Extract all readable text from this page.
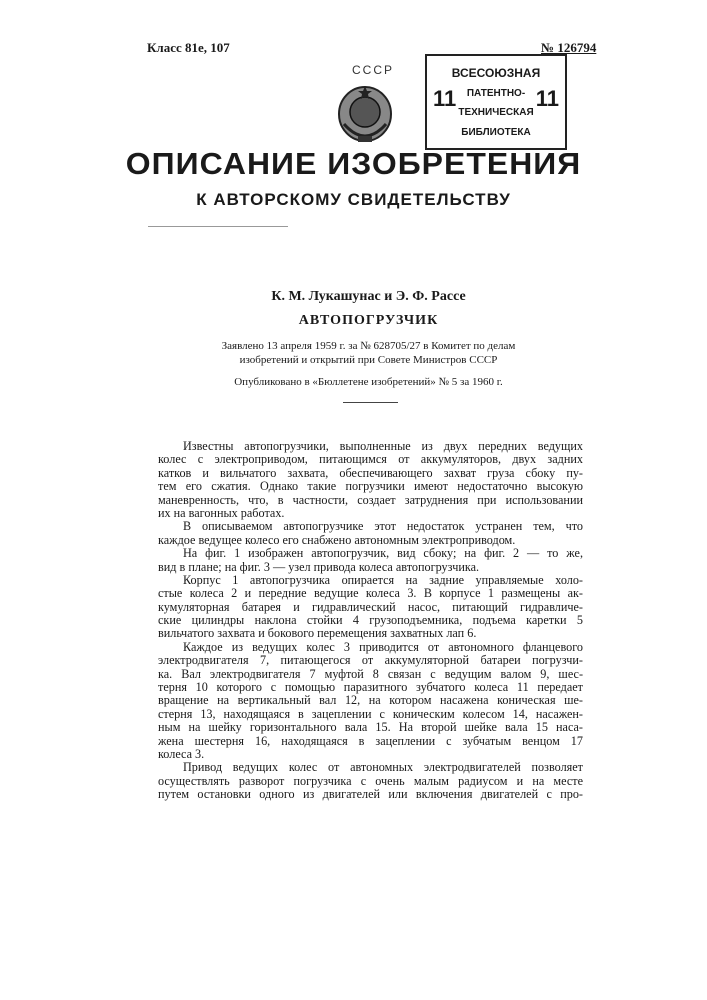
Класс 81е, 107	№ 126794
СССР
11	11
ВСЕСОЮЗНАЯ
ПАТЕНТНО-
ТЕХНИЧЕСКАЯ
БИБЛИОТЕКА
ОПИСАНИЕ ИЗОБРЕТЕНИЯ
К АВТОРСКОМУ СВИДЕТЕЛЬСТВУ
К. М. Лукашунас и Э. Ф. Рассе
АВТОПОГРУЗЧИК
Заявлено 13 апреля 1959 г. за № 628705/27 в Комитет по делам
изобретений и открытий при Совете Министров СССР
Опубликовано в «Бюллетене изобретений» № 5 за 1960 г.
Известны автопогрузчики, выполненные из двух передних ведущих
колес с электроприводом, питающимся от аккумуляторов, двух задних
катков и вильчатого захвата, обеспечивающего захват груза сбоку пу-
тем его сжатия. Однако такие погрузчики имеют недостаточно высокую
маневренность, что, в частности, создает затруднения при использовании
их на вагонных работах.
В описываемом автопогрузчике этот недостаток устранен тем, что
каждое ведущее колесо его снабжено автономным электроприводом.
На фиг. 1 изображен автопогрузчик, вид сбоку; на фиг. 2 — то же,
вид в плане; на фиг. 3 — узел привода колеса автопогрузчика.
Корпус 1 автопогрузчика опирается на задние управляемые холо-
стые колеса 2 и передние ведущие колеса 3. В корпусе 1 размещены ак-
кумуляторная батарея и гидравлический насос, питающий гидравличе-
ские цилиндры наклона стойки 4 грузоподъемника, подъема каретки 5
вильчатого захвата и бокового перемещения захватных лап 6.
Каждое из ведущих колес 3 приводится от автономного фланцевого
электродвигателя 7, питающегося от аккумуляторной батареи погрузчи-
ка. Вал электродвигателя 7 муфтой 8 связан с ведущим валом 9, шес-
терня 10 которого с помощью паразитного зубчатого колеса 11 передает
вращение на вертикальный вал 12, на котором насажена коническая ше-
стерня 13, находящаяся в зацеплении с коническим колесом 14, насажен-
ным на шейку горизонтального вала 15. На второй шейке вала 15 наса-
жена шестерня 16, находящаяся в зацеплении с зубчатым венцом 17
колеса 3.
Привод ведущих колес от автономных электродвигателей позволяет
осуществлять разворот погрузчика с очень малым радиусом и на месте
путем остановки одного из двигателей или включения двигателей с про-
